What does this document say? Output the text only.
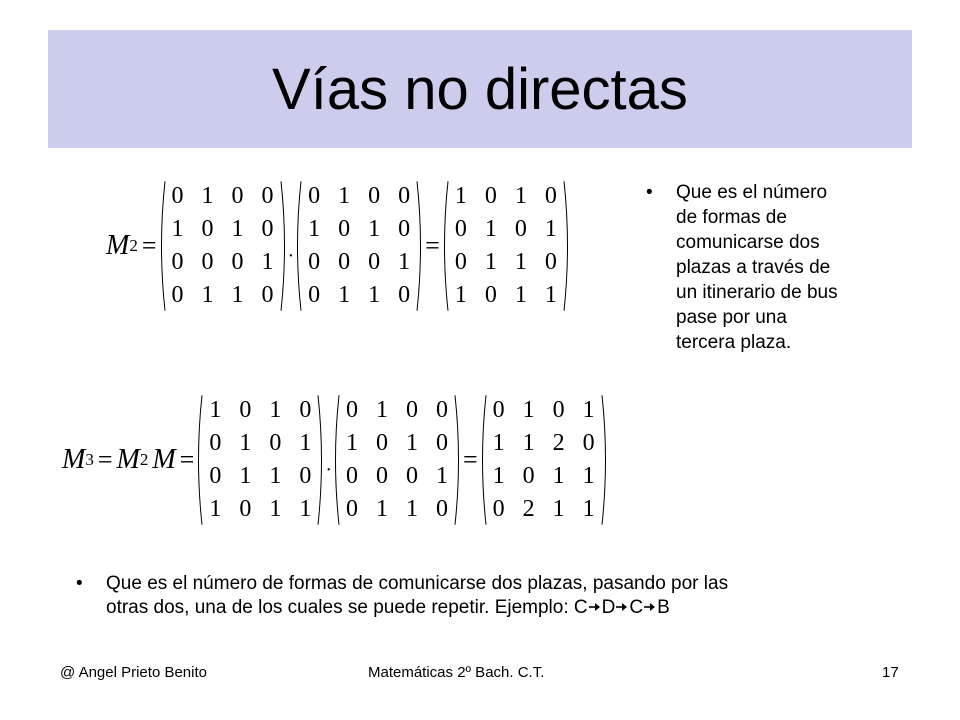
Vías no directas
M 2 =
0	1	0	0
1	0	1	0
0	0	0	1
0	1	1	0
·
0	1	0	0
1	0	1	0
0	0	0	1
0	1	1	0
=
1	0	1	0
0	1	0	1
0	1	1	0
1	0	1	1
M 3 = M 2 M =
1	0	1	0
0	1	0	1
0	1	1	0
1	0	1	1
·
0	1	0	0
1	0	1	0
0	0	0	1
0	1	1	0
=
0	1	0	1
1	1	2	0
1	0	1	1
0	2	1	1
•	Que es el número
de formas de
comunicarse dos
plazas a través de
un itinerario de bus
pase por una
tercera plaza.
•	Que es el número de formas de comunicarse dos plazas, pasando por las
otras dos, una de los cuales se puede repetir. Ejemplo: C D C B
@ Angel Prieto Benito	Matemáticas 2º Bach. C.T.	17
